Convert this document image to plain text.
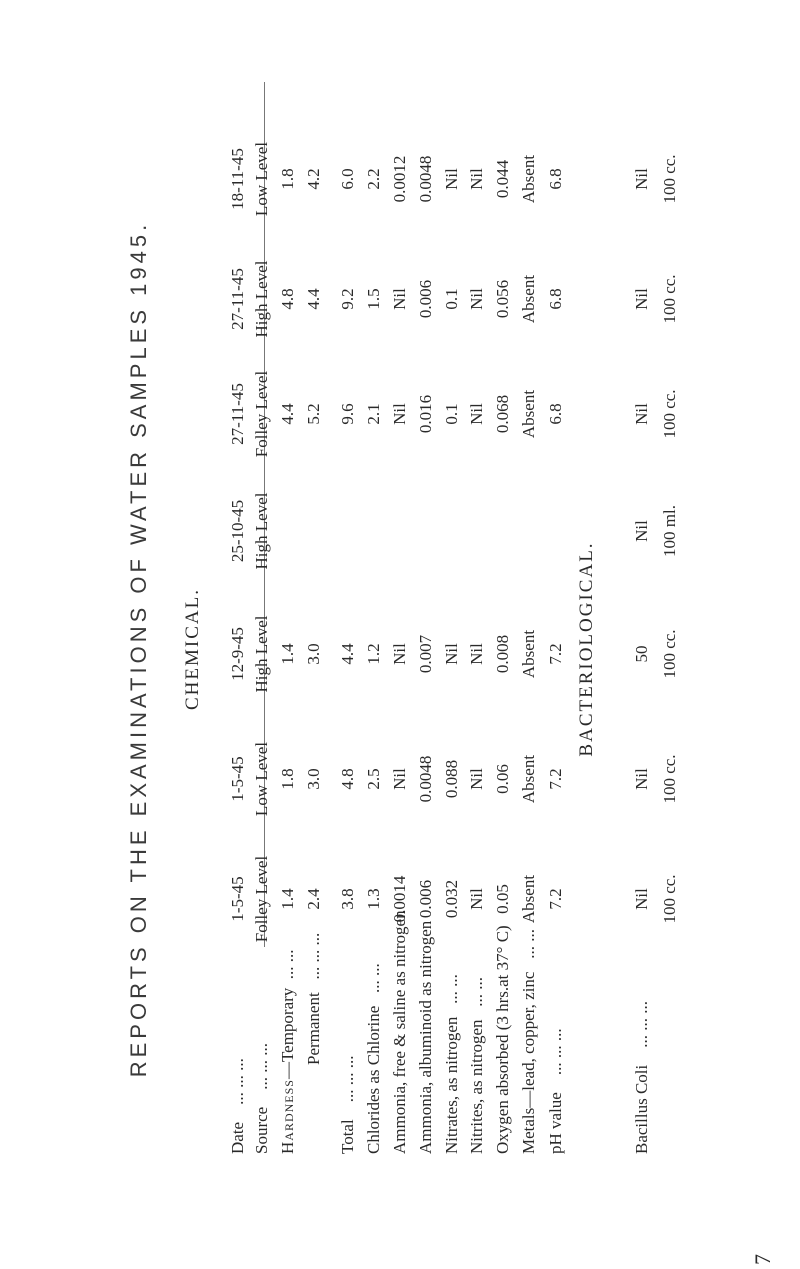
REPORTS ON THE EXAMINATIONS OF WATER SAMPLES 1945. CHEMICAL.
Date    ... ... ...
Source    ... ... ...
Hardness—Temporary  ... ...
Permanent   ... ... ...
Total    ... ... ... Chlorides as Chlorine   ... ... Ammonia, free & saline as nitrogen Ammonia, albuminoid as nitrogen Nitrates, as nitrogen   ... ...
Nitrites, as nitrogen   ... ... Oxygen absorbed (3 hrs.at 37° C) Metals—lead, copper, zinc   ... ...
pH value    ... ... ...
1-5-45 Folley Level 1.4 2.4 3.8 1.3 0.0014 0.006 0.032 Nil 0.05 Absent 7.2
1-5-45 Low Level 1.8 3.0 4.8 2.5 Nil 0.0048 0.088 Nil 0.06 Absent 7.2
12-9-45 High Level 1.4 3.0 4.4 1.2 Nil 0.007 Nil Nil 0.008 Absent 7.2
25-10-45 High Level
27-11-45 Folley Level 4.4 5.2 9.6 2.1 Nil 0.016 0.1 Nil 0.068 Absent 6.8
27-11-45 High Level 4.8 4.4 9.2 1.5 Nil 0.006 0.1 Nil 0.056 Absent 6.8
18-11-45 Low Level 1.8 4.2 6.0 2.2 0.0012 0.0048 Nil Nil 0.044 Absent 6.8
BACTERIOLOGICAL.
Bacillus Coli    ... ... ...
Nil 100 cc.
Nil 100 cc.
50 100 cc.
Nil 100 ml.
Nil 100 cc.
Nil 100 cc.
Nil 100 cc.
7
